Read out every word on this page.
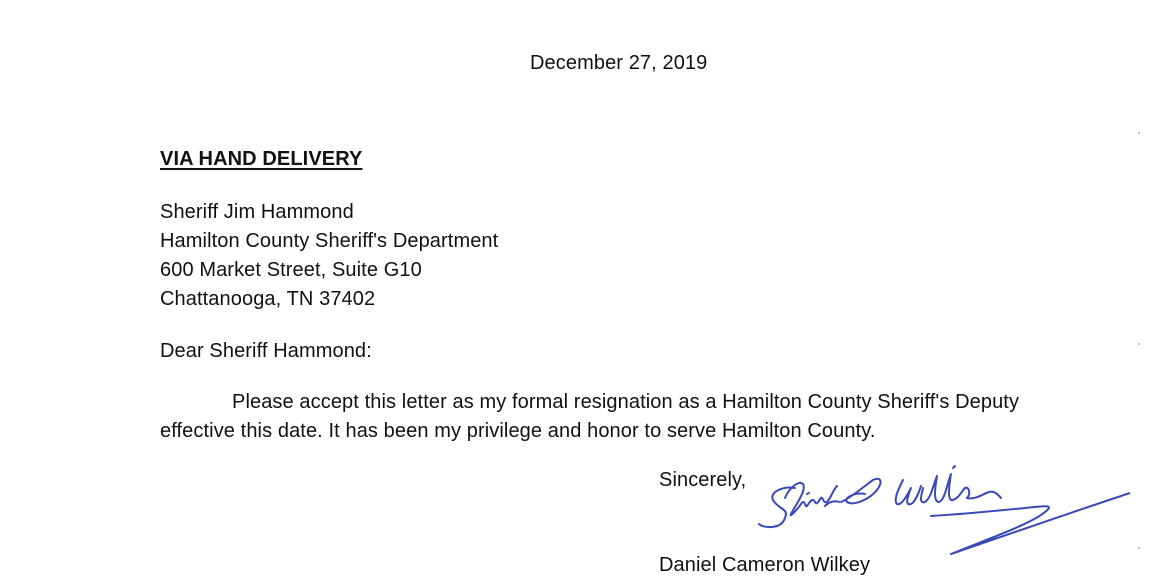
December 27, 2019
VIA HAND DELIVERY
Sheriff Jim Hammond
Hamilton County Sheriff's Department
600 Market Street, Suite G10
Chattanooga, TN 37402
Dear Sheriff Hammond:
Please accept this letter as my formal resignation as a Hamilton County Sheriff's Deputy
effective this date. It has been my privilege and honor to serve Hamilton County.
Sincerely,
Daniel Cameron Wilkey
